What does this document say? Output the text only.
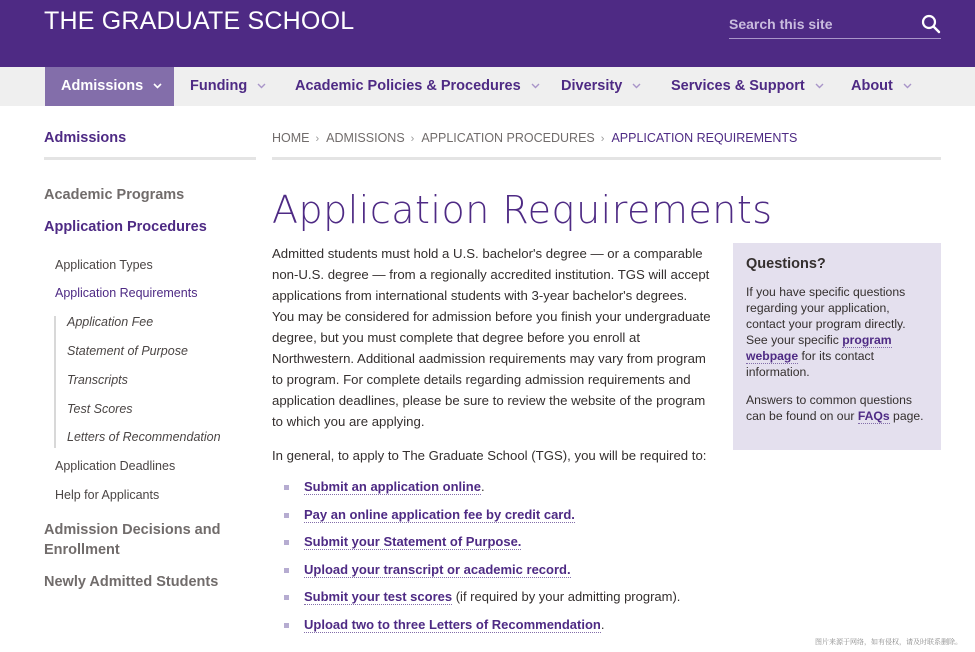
THE GRADUATE SCHOOL
Search this site
Admissions	Funding	Academic Policies & Procedures	Diversity	Services & Support	About
Admissions
Academic Programs
Application Procedures
Application Types
Application Requirements
Application Fee
Statement of Purpose
Transcripts
Test Scores
Letters of Recommendation
Application Deadlines
Help for Applicants
Admission Decisions and
Enrollment
Newly Admitted Students
HOME › ADMISSIONS › APPLICATION PROCEDURES › APPLICATION REQUIREMENTS
Application Requirements

Admitted students must hold a U.S. bachelor's degree — or a comparable non-U.S. degree — from a regionally accredited institution. TGS will accept applications from international students with 3-year bachelor's degrees. You may be considered for admission before you finish your undergraduate degree, but you must complete that degree before you enroll at Northwestern. Additional aadmission requirements may vary from program to program. For complete details regarding admission requirements and application deadlines, please be sure to review the website of the program to which you are applying.

In general, to apply to The Graduate School (TGS), you will be required to:

Submit an application online.
Pay an online application fee by credit card.
Submit your Statement of Purpose.
Upload your transcript or academic record.
Submit your test scores (if required by your admitting program).
Upload two to three Letters of Recommendation.
Questions?

If you have specific questions regarding your application, contact your program directly. See your specific program webpage for its contact information.

Answers to common questions can be found on our FAQs page.

图片来源于网络，如有侵权，请及时联系删除。
